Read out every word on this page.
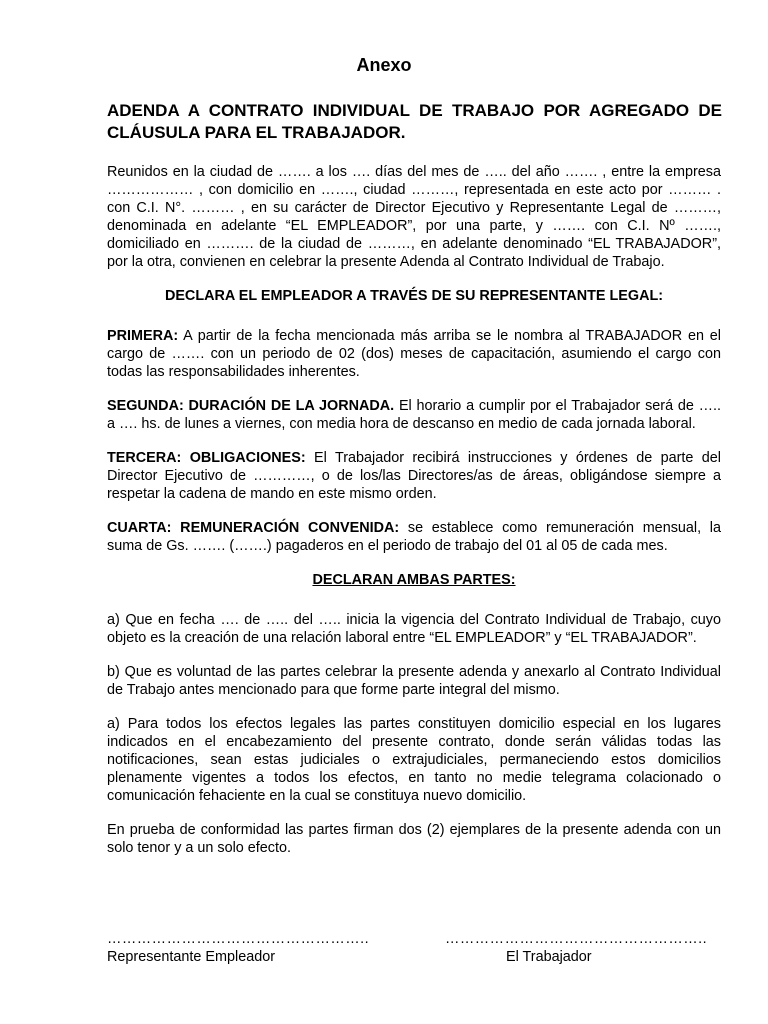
Anexo
ADENDA A CONTRATO INDIVIDUAL DE TRABAJO POR AGREGADO DE CLÁUSULA PARA EL TRABAJADOR.

Reunidos en la ciudad de ……. a los …. días del mes de ….. del año ……. , entre la empresa ……………… , con domicilio en ……., ciudad ………, representada en este acto por ……… . con C.I. N°. ……… , en su carácter de Director Ejecutivo y Representante Legal de ………, denominada en adelante “EL EMPLEADOR”, por una parte, y ……. con C.I. Nº ……., domiciliado en ………. de la ciudad de ………, en adelante denominado “EL TRABAJADOR”, por la otra, convienen en celebrar la presente Adenda al Contrato Individual de Trabajo.

DECLARA EL EMPLEADOR A TRAVÉS DE SU REPRESENTANTE LEGAL:

PRIMERA: A partir de la fecha mencionada más arriba se le nombra al TRABAJADOR en el cargo de ……. con un periodo de 02 (dos) meses de capacitación, asumiendo el cargo con todas las responsabilidades inherentes.

SEGUNDA: DURACIÓN DE LA JORNADA. El horario a cumplir por el Trabajador será de ….. a …. hs. de lunes a viernes, con media hora de descanso en medio de cada jornada laboral.

TERCERA: OBLIGACIONES: El Trabajador recibirá instrucciones y órdenes de parte del Director Ejecutivo de …………, o de los/las Directores/as de áreas, obligándose siempre a respetar la cadena de mando en este mismo orden.

CUARTA: REMUNERACIÓN CONVENIDA: se establece como remuneración mensual, la suma de Gs. ……. (…….) pagaderos en el periodo de trabajo del 01 al 05 de cada mes.

DECLARAN AMBAS PARTES:

a) Que en fecha …. de ….. del ….. inicia la vigencia del Contrato Individual de Trabajo, cuyo objeto es la creación de una relación laboral entre “EL EMPLEADOR” y “EL TRABAJADOR”.

b) Que es voluntad de las partes celebrar la presente adenda y anexarlo al Contrato Individual de Trabajo antes mencionado para que forme parte integral del mismo.

a) Para todos los efectos legales las partes constituyen domicilio especial en los lugares indicados en el encabezamiento del presente contrato, donde serán válidas todas las notificaciones, sean estas judiciales o extrajudiciales, permaneciendo estos domicilios plenamente vigentes a todos los efectos, en tanto no medie telegrama colacionado o comunicación fehaciente en la cual se constituya nuevo domicilio.

En prueba de conformidad las partes firman dos (2) ejemplares de la presente adenda con un solo tenor y a un solo efecto.

……………………………………………..
Representante Empleador
……………………………………………..
El Trabajador
